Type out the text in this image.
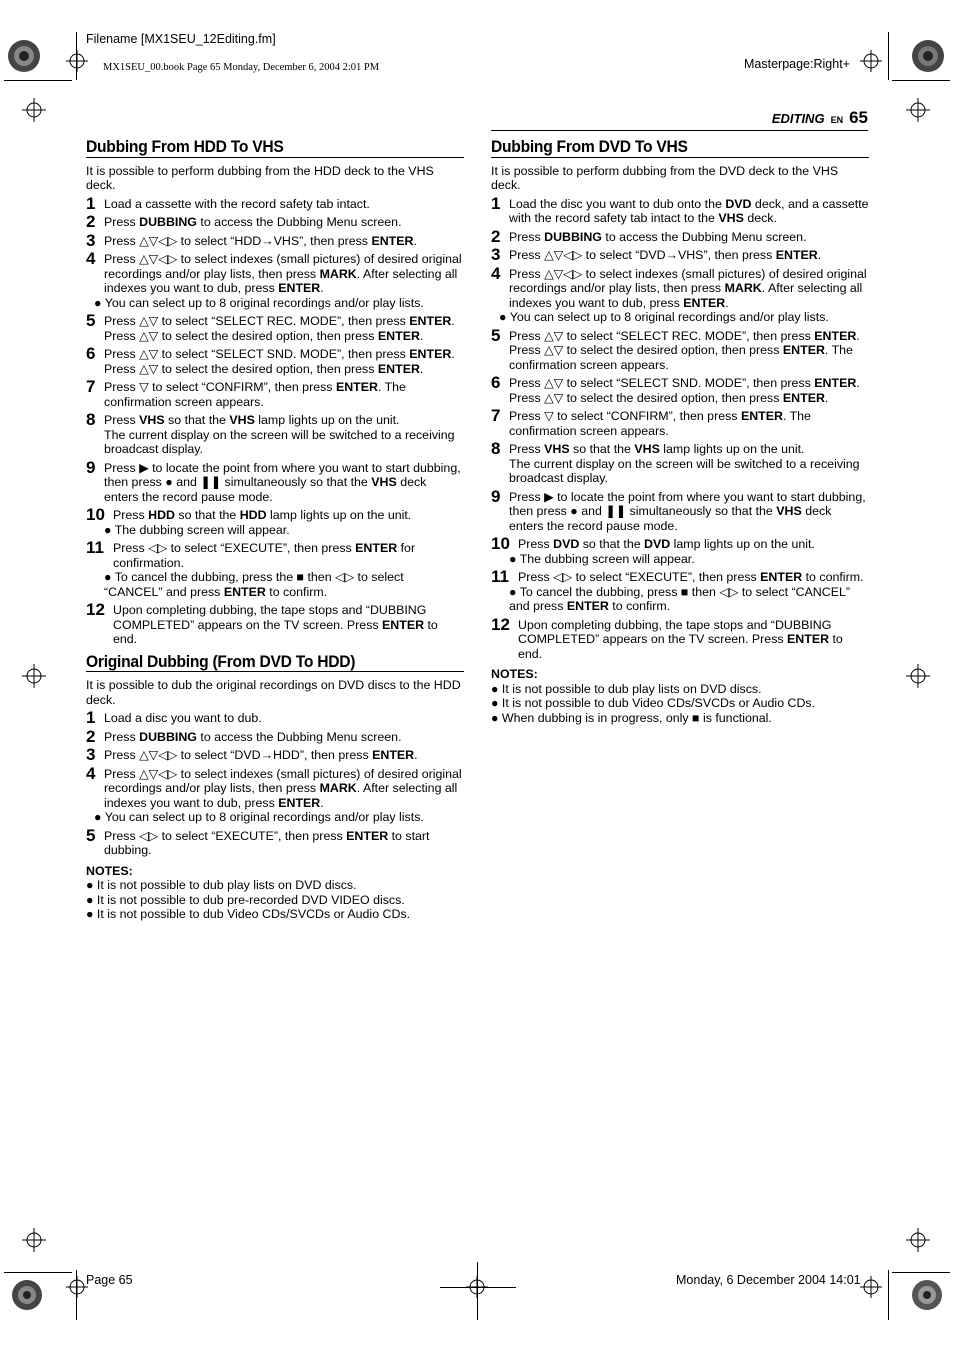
Filename [MX1SEU_12Editing.fm]
MX1SEU_00.book Page 65 Monday, December 6, 2004 2:01 PM	Masterpage:Right+
EDITING EN 65
Dubbing From HDD To VHS

It is possible to perform dubbing from the HDD deck to the VHS deck.

1 Load a cassette with the record safety tab intact.
2 Press DUBBING to access the Dubbing Menu screen.
3 Press △▽◁▷ to select “HDD→VHS”, then press ENTER.
4 Press △▽◁▷ to select indexes (small pictures) of desired original recordings and/or play lists, then press MARK. After selecting all indexes you want to dub, press ENTER.

● You can select up to 8 original recordings and/or play lists.

5 Press △▽ to select “SELECT REC. MODE”, then press ENTER. Press △▽ to select the desired option, then press ENTER.
6 Press △▽ to select “SELECT SND. MODE”, then press ENTER. Press △▽ to select the desired option, then press ENTER.
7 Press ▽ to select “CONFIRM”, then press ENTER. The confirmation screen appears.
8 Press VHS so that the VHS lamp lights up on the unit.

The current display on the screen will be switched to a receiving broadcast display.

9 Press ▶ to locate the point from where you want to start dubbing, then press ● and ❚❚ simultaneously so that the VHS deck enters the record pause mode.
10 Press HDD so that the HDD lamp lights up on the unit.

● The dubbing screen will appear.

11 Press ◁▷ to select “EXECUTE”, then press ENTER for confirmation.

● To cancel the dubbing, press the ■ then ◁▷ to select “CANCEL” and press ENTER to confirm.

12 Upon completing dubbing, the tape stops and “DUBBING COMPLETED” appears on the TV screen. Press ENTER to end.
Original Dubbing (From DVD To HDD)

It is possible to dub the original recordings on DVD discs to the HDD deck.

1 Load a disc you want to dub.
2 Press DUBBING to access the Dubbing Menu screen.
3 Press △▽◁▷ to select “DVD→HDD”, then press ENTER.
4 Press △▽◁▷ to select indexes (small pictures) of desired original recordings and/or play lists, then press MARK. After selecting all indexes you want to dub, press ENTER.

● You can select up to 8 original recordings and/or play lists.

5 Press ◁▷ to select “EXECUTE”, then press ENTER to start dubbing.
NOTES:

● It is not possible to dub play lists on DVD discs.

● It is not possible to dub pre-recorded DVD VIDEO discs.

● It is not possible to dub Video CDs/SVCDs or Audio CDs.

Dubbing From DVD To VHS

It is possible to perform dubbing from the DVD deck to the VHS deck.

1 Load the disc you want to dub onto the DVD deck, and a cassette with the record safety tab intact to the VHS deck.
2 Press DUBBING to access the Dubbing Menu screen.
3 Press △▽◁▷ to select “DVD→VHS”, then press ENTER.
4 Press △▽◁▷ to select indexes (small pictures) of desired original recordings and/or play lists, then press MARK. After selecting all indexes you want to dub, press ENTER.

● You can select up to 8 original recordings and/or play lists.

5 Press △▽ to select “SELECT REC. MODE”, then press ENTER. Press △▽ to select the desired option, then press ENTER. The confirmation screen appears.
6 Press △▽ to select “SELECT SND. MODE”, then press ENTER. Press △▽ to select the desired option, then press ENTER.
7 Press ▽ to select “CONFIRM”, then press ENTER. The confirmation screen appears.
8 Press VHS so that the VHS lamp lights up on the unit.

The current display on the screen will be switched to a receiving broadcast display.

9 Press ▶ to locate the point from where you want to start dubbing, then press ● and ❚❚ simultaneously so that the VHS deck enters the record pause mode.
10 Press DVD so that the DVD lamp lights up on the unit.

● The dubbing screen will appear.

11 Press ◁▷ to select “EXECUTE”, then press ENTER to confirm.

● To cancel the dubbing, press ■ then ◁▷ to select “CANCEL” and press ENTER to confirm.

12 Upon completing dubbing, the tape stops and “DUBBING COMPLETED” appears on the TV screen. Press ENTER to end.
NOTES:

● It is not possible to dub play lists on DVD discs.

● It is not possible to dub Video CDs/SVCDs or Audio CDs.

● When dubbing is in progress, only ■ is functional.

Page 65	Monday, 6 December 2004 14:01
